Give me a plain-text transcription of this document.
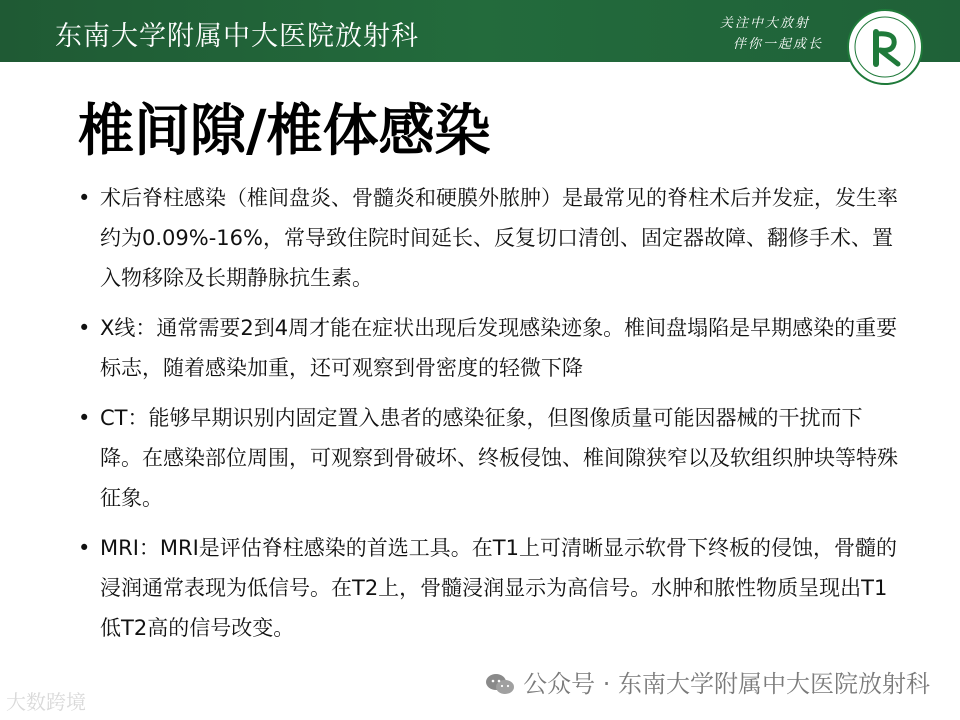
东南大学附属中大医院放射科	关注中大放射
伴你一起成长
椎间隙/椎体感染
• 术后脊柱感染（椎间盘炎、骨髓炎和硬膜外脓肿）是最常见的脊柱术后并发症，发生率约为0.09%-16%，常导致住院时间延长、反复切口清创、固定器故障、翻修手术、置入物移除及长期静脉抗生素。
• X线：通常需要2到4周才能在症状出现后发现感染迹象。椎间盘塌陷是早期感染的重要标志，随着感染加重，还可观察到骨密度的轻微下降
• CT：能够早期识别内固定置入患者的感染征象，但图像质量可能因器械的干扰而下降。在感染部位周围，可观察到骨破坏、终板侵蚀、椎间隙狭窄以及软组织肿块等特殊征象。
• MRI：MRI是评估脊柱感染的首选工具。在T1上可清晰显示软骨下终板的侵蚀，骨髓的浸润通常表现为低信号。在T2上，骨髓浸润显示为高信号。水肿和脓性物质呈现出T1低T2高的信号改变。
公众号 · 东南大学附属中大医院放射科
大数跨境
